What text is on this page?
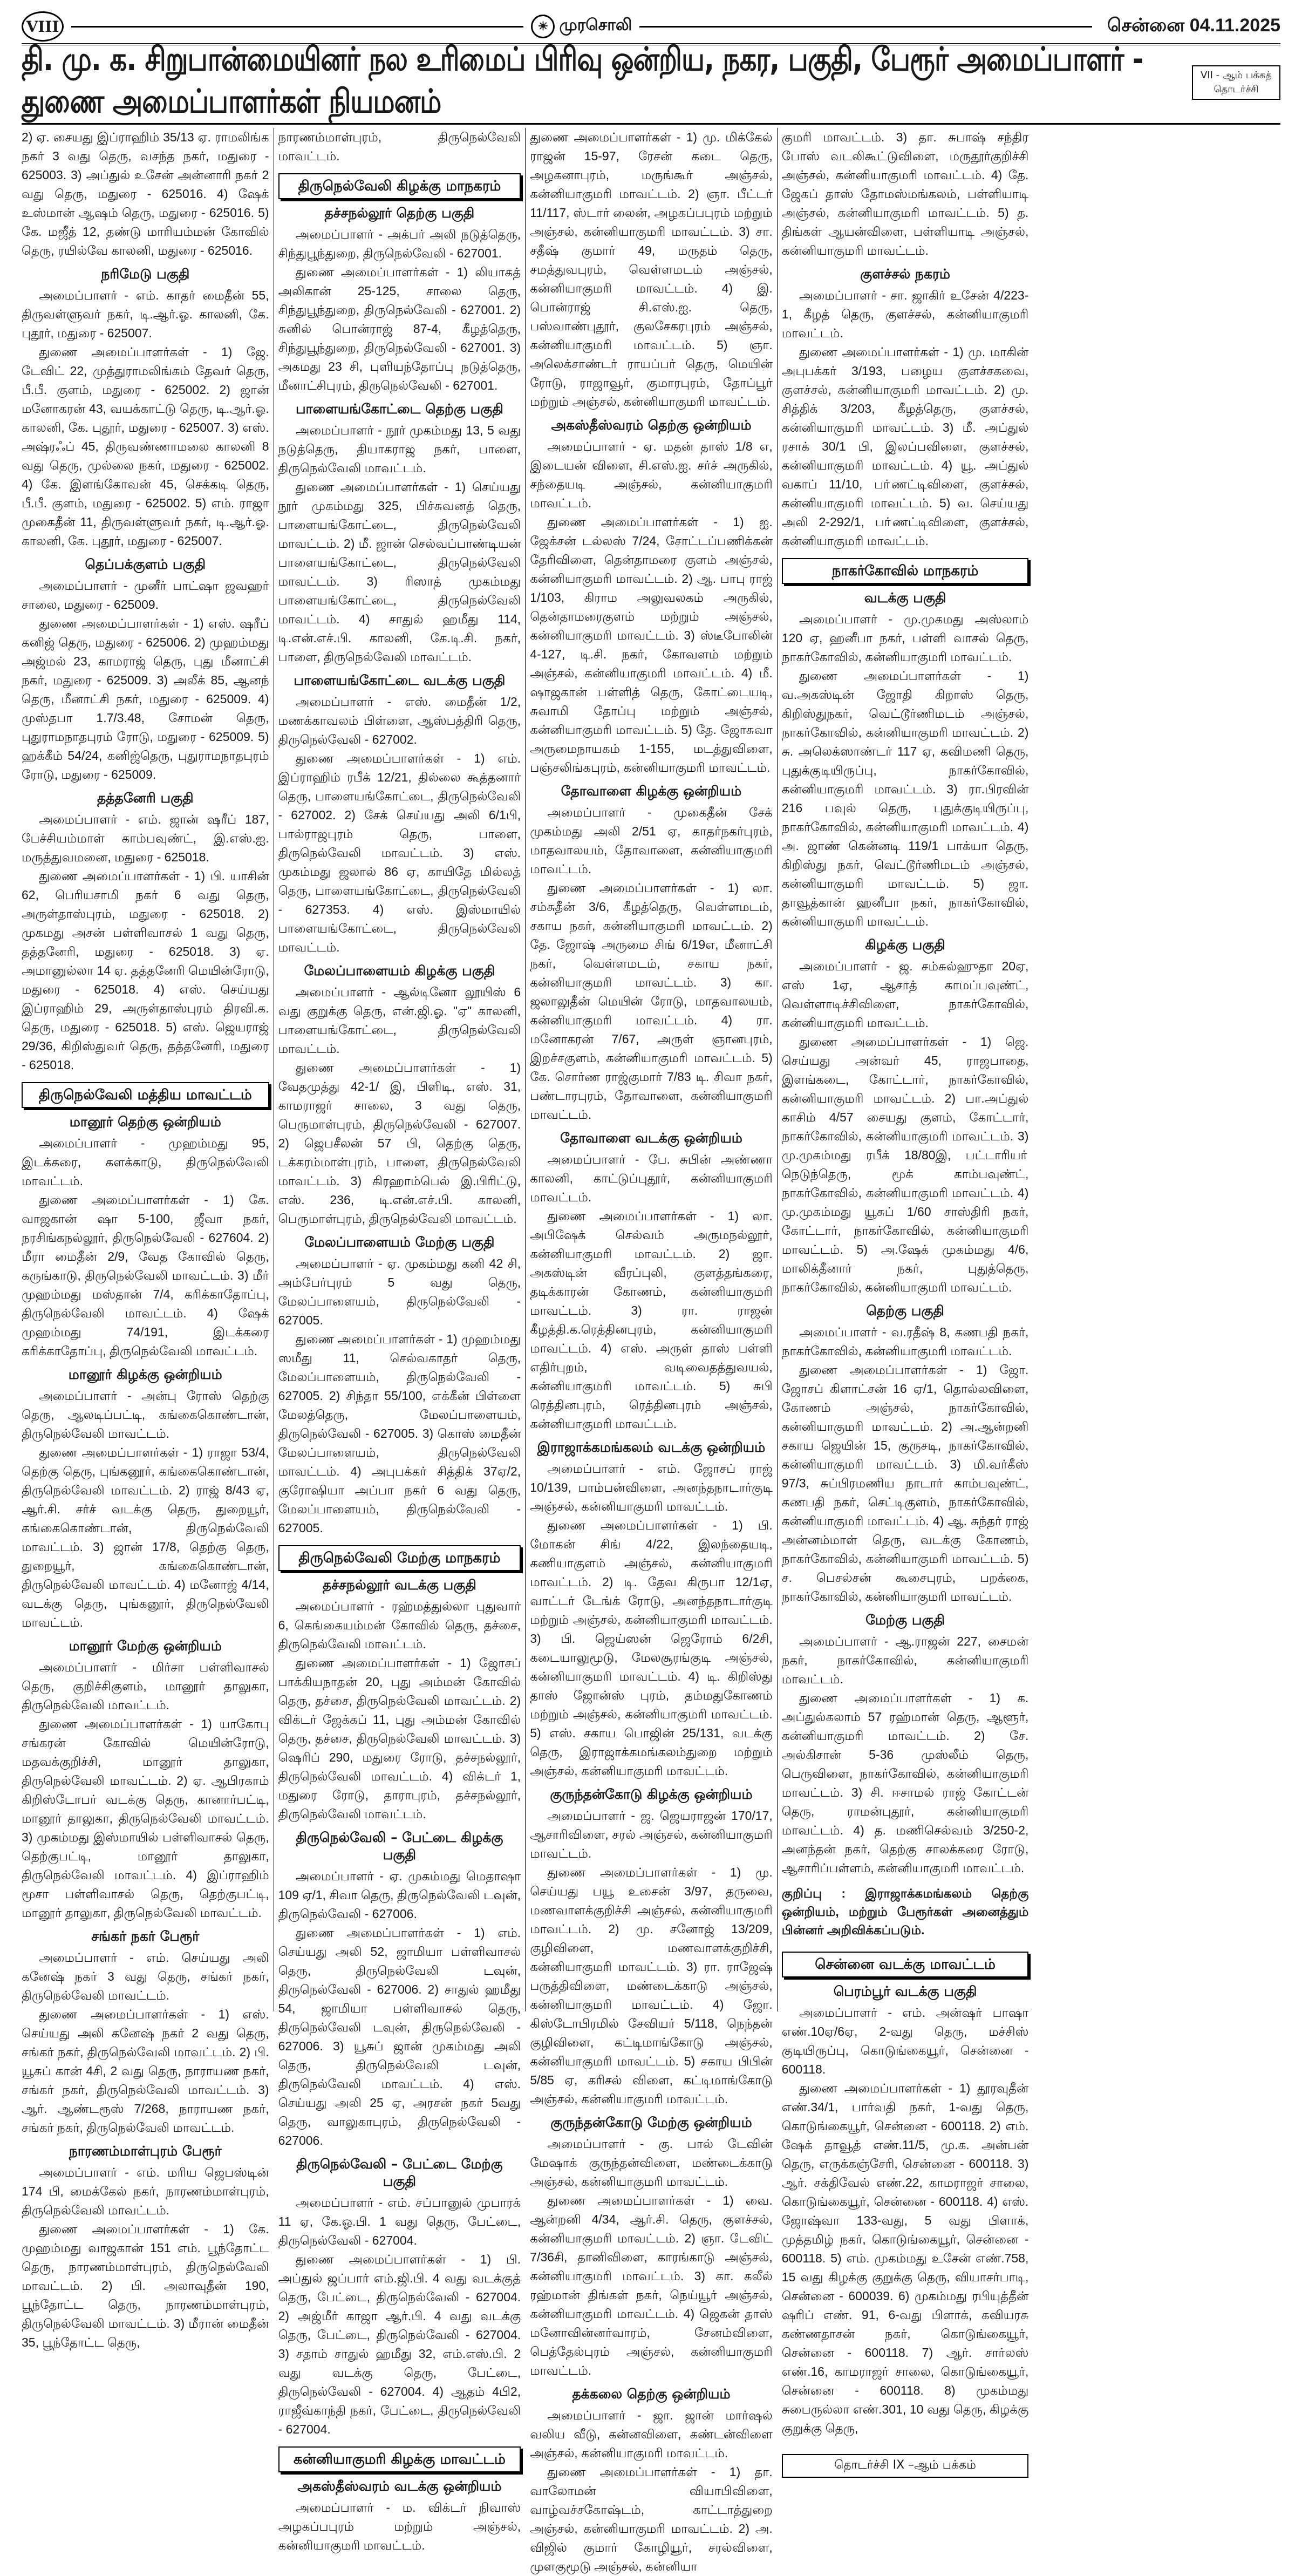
VIII	☀ முரசொலி	சென்னை 04.11.2025
தி. மு. க. சிறுபான்மையினர் நல உரிமைப் பிரிவு ஒன்றிய, நகர, பகுதி, பேரூர் அமைப்பாளர் - துணை அமைப்பாளர்கள் நியமனம்
VII - ஆம் பக்கத் தொடர்ச்சி

2) ஏ. சையது இப்ராஹிம் 35/13 ஏ. ராமலிங்க நகர் 3 வது தெரு, வசந்த நகர், மதுரை - 625003. 3) அப்துல் உசேன் அன்னாரி நகர் 2 வது தெரு, மதுரை - 625016. 4) ஷேக் உஸ்மான் ஆஷம் தெரு, மதுரை - 625016. 5) கே. மஜீத் 12, தண்டு மாரியம்மன் கோவில் தெரு, ரயில்வே காலனி, மதுரை - 625016.

நரிமேடு பகுதி

அமைப்பாளர் - எம். காதர் மைதீன் 55, திருவள்ளுவர் நகர், டி.ஆர்.ஓ. காலனி, கே. புதூர், மதுரை - 625007.

துணை அமைப்பாளர்கள் - 1) ஜே. டேவிட் 22, முத்துராமலிங்கம் தேவர் தெரு, பீ.பீ. குளம், மதுரை - 625002. 2) ஜான் மனோகரன் 43, வயக்காட்டு தெரு, டி.ஆர்.ஓ. காலனி, கே. புதூர், மதுரை - 625007. 3) எஸ். அஷ்ரஃப் 45, திருவண்ணாமலை காலனி 8 வது தெரு, முல்லை நகர், மதுரை - 625002. 4) கே. இளங்கோவன் 45, செக்கடி தெரு, பீ.பீ. குளம், மதுரை - 625002. 5) எம். ராஜா முகைதீன் 11, திருவள்ளுவர் நகர், டி.ஆர்.ஓ. காலனி, கே. புதூர், மதுரை - 625007.

தெப்பக்குளம் பகுதி

அமைப்பாளர் - முனீர் பாட்ஷா ஜவஹர் சாலை, மதுரை - 625009.

துணை அமைப்பாளர்கள் - 1) எஸ். ஷரீப் கனிஜ் தெரு, மதுரை - 625006. 2) முஹம்மது அஜ்மல் 23, காமராஜ் தெரு, புது மீனாட்சி நகர், மதுரை - 625009. 3) அலீக் 85, ஆனந் தெரு, மீனாட்சி நகர், மதுரை - 625009. 4) முஸ்தபா 1.7/3.48, சோமன் தெரு, புதுராமநாதபுரம் ரோடு, மதுரை - 625009. 5) ஹக்கீம் 54/24, கனிஜ்தெரு, புதுராமநாதபுரம் ரோடு, மதுரை - 625009.

தத்தனேரி பகுதி

அமைப்பாளர் - எம். ஜான் ஷரீப் 187, பேச்சியம்மாள் காம்பவுண்ட், இ.எஸ்.ஐ. மருத்துவமனை, மதுரை - 625018.

துணை அமைப்பாளர்கள் - 1) பி. யாசின் 62, பெரியசாமி நகர் 6 வது தெரு, அருள்தாஸ்புரம், மதுரை - 625018. 2) முகமது அசன் பள்ளிவாசல் 1 வது தெரு, தத்தனேரி, மதுரை - 625018. 3) ஏ. அமானுல்லா 14 ஏ. தத்தனேரி மெயின்ரோடு, மதுரை - 625018. 4) எஸ். செய்யது இப்ராஹிம் 29, அருள்தாஸ்புரம் திரவி.க. தெரு, மதுரை - 625018. 5) எஸ். ஜெயராஜ் 29/36, கிறிஸ்துவர் தெரு, தத்தனேரி, மதுரை - 625018.

திருநெல்வேலி மத்திய மாவட்டம்
மானூர் தெற்கு ஒன்றியம்

அமைப்பாளர் - முஹம்மது 95, இடக்கரை, களக்காடு, திருநெல்வேலி மாவட்டம்.

துணை அமைப்பாளர்கள் - 1) கே. வாஜகான் ஷா 5-100, ஜீவா நகர், நரசிங்கநல்லூர், திருநெல்வேலி - 627604. 2) மீரா மைதீன் 2/9, வேத கோவில் தெரு, கருங்காடு, திருநெல்வேலி மாவட்டம். 3) மீர் முஹம்மது மஸ்தான் 7/4, கரிக்காதோப்பு, திருநெல்வேலி மாவட்டம். 4) ஷேக் முஹம்மது 74/191, இடக்கரை கரிக்காதோப்பு, திருநெல்வேலி மாவட்டம்.

மானூர் கிழக்கு ஒன்றியம்

அமைப்பாளர் - அன்பு ரோஸ் தெற்கு தெரு, ஆலடிப்பட்டி, கங்கைகொண்டான், திருநெல்வேலி மாவட்டம்.

துணை அமைப்பாளர்கள் - 1) ராஜா 53/4, தெற்கு தெரு, புங்கனூர், கங்கைகொண்டான், திருநெல்வேலி மாவட்டம். 2) ராஜ் 8/43 ஏ, ஆர்.சி. சர்ச் வடக்கு தெரு, துறையூர், கங்கைகொண்டான், திருநெல்வேலி மாவட்டம். 3) ஜான் 17/8, தெற்கு தெரு, துறையூர், கங்கைகொண்டான், திருநெல்வேலி மாவட்டம். 4) மனோஜ் 4/14, வடக்கு தெரு, புங்கனூர், திருநெல்வேலி மாவட்டம்.

மானூர் மேற்கு ஒன்றியம்

அமைப்பாளர் - மிர்சா பள்ளிவாசல் தெரு, குறிச்சிகுளம், மானூர் தாலுகா, திருநெல்வேலி மாவட்டம்.

துணை அமைப்பாளர்கள் - 1) யாகோபு சங்கரன் கோவில் மெயின்ரோடு, மதவக்குறிச்சி, மானூர் தாலுகா, திருநெல்வேலி மாவட்டம். 2) ஏ. ஆபிரகாம் கிறிஸ்டோபர் வடக்கு தெரு, கானார்பட்டி, மானூர் தாலுகா, திருநெல்வேலி மாவட்டம். 3) முகம்மது இஸ்மாயில் பள்ளிவாசல் தெரு, தெற்குபட்டி, மானூர் தாலுகா, திருநெல்வேலி மாவட்டம். 4) இப்ராஹிம் மூசா பள்ளிவாசல் தெரு, தெற்குபட்டி, மானூர் தாலுகா, திருநெல்வேலி மாவட்டம்.

சங்கர் நகர் பேரூர்

அமைப்பாளர் - எம். செய்யது அலி கனேஷ் நகர் 3 வது தெரு, சங்கர் நகர், திருநெல்வேலி மாவட்டம்.

துணை அமைப்பாளர்கள் - 1) எஸ். செய்யது அலி கனேஷ் நகர் 2 வது தெரு, சங்கர் நகர், திருநெல்வேலி மாவட்டம். 2) பி. யூசுப் கான் 4சி, 2 வது தெரு, நாராயண நகர், சங்கர் நகர், திருநெல்வேலி மாவட்டம். 3) ஆர். ஆண்டரூஸ் 7/268, நாராயண நகர், சங்கர் நகர், திருநெல்வேலி மாவட்டம்.

நாரணம்மாள்புரம் பேரூர்

அமைப்பாளர் - எம். மரிய ஜெபஸ்டின் 174 பி, மைக்கேல் நகர், நாரணம்மாள்புரம், திருநெல்வேலி மாவட்டம்.

துணை அமைப்பாளர்கள் - 1) கே. முஹம்மது வாஜகான் 151 எம். பூந்தோட்ட தெரு, நாரணம்மாள்புரம், திருநெல்வேலி மாவட்டம். 2) பி. அலாவுதீன் 190, பூந்தோட்ட தெரு, நாரணம்மாள்புரம், திருநெல்வேலி மாவட்டம். 3) மீரான் மைதீன் 35, பூந்தோட்ட தெரு,

நாரணம்மாள்புரம், திருநெல்வேலி மாவட்டம்.

திருநெல்வேலி கிழக்கு மாநகரம்
தச்சநல்லூர் தெற்கு பகுதி

அமைப்பாளர் - அக்பர் அலி நடுத்தெரு, சிந்துபூந்துறை, திருநெல்வேலி - 627001.

துணை அமைப்பாளர்கள் - 1) லியாகத் அலிகான் 25-125, சாலை தெரு, சிந்துபூந்துறை, திருநெல்வேலி - 627001. 2) சுனில் பொன்ராஜ் 87-4, கீழத்தெரு, சிந்துபூந்துறை, திருநெல்வேலி - 627001. 3) அகமது 23 சி, புளியந்தோப்பு நடுத்தெரு, மீனாட்சிபுரம், திருநெல்வேலி - 627001.

பாளையங்கோட்டை தெற்கு பகுதி

அமைப்பாளர் - நூர் முகம்மது 13, 5 வது நடுத்தெரு, தியாகராஜ நகர், பாளை, திருநெல்வேலி மாவட்டம்.

துணை அமைப்பாளர்கள் - 1) செய்யது நூர் முகம்மது 325, பிச்சுவனத் தெரு, பாளையங்கோட்டை, திருநெல்வேலி மாவட்டம். 2) மீ. ஜான் செல்வப்பாண்டியன் பாளையங்கோட்டை, திருநெல்வேலி மாவட்டம். 3) ரிஸாத் முகம்மது பாளையங்கோட்டை, திருநெல்வேலி மாவட்டம். 4) சாதுல் ஹமீது 114, டி.என்.எச்.பி. காலனி, கே.டி.சி. நகர், பாளை, திருநெல்வேலி மாவட்டம்.

பாளையங்கோட்டை வடக்கு பகுதி

அமைப்பாளர் - எஸ். மைதீன் 1/2, மணக்காவலம் பிள்ளை, ஆஸ்பத்திரி தெரு, திருநெல்வேலி - 627002.

துணை அமைப்பாளர்கள் - 1) எம். இப்ராஹிம் ரபீக் 12/21, தில்லை கூத்தனார் தெரு, பாளையங்கோட்டை, திருநெல்வேலி - 627002. 2) சேக் செய்யது அலி 6/1பி, பால்ராஜபுரம் தெரு, பாளை, திருநெல்வேலி மாவட்டம். 3) எஸ். முகம்மது ஜலால் 86 ஏ, காயிதே மில்லத் தெரு, பாளையங்கோட்டை, திருநெல்வேலி - 627353. 4) எஸ். இஸ்மாயில் பாளையங்கோட்டை, திருநெல்வேலி மாவட்டம்.

மேலப்பாளையம் கிழக்கு பகுதி

அமைப்பாளர் - ஆல்டினோ லூயிஸ் 6 வது குறுக்கு தெரு, என்.ஜி.ஓ. "ஏ" காலனி, பாளையங்கோட்டை, திருநெல்வேலி மாவட்டம்.

துணை அமைப்பாளர்கள் - 1) வேதமுத்து 42-1/ இ, பிளிடி, எஸ். 31, காமராஜர் சாலை, 3 வது தெரு, பெருமாள்புரம், திருநெல்வேலி - 627007. 2) ஜெபசீலன் 57 பி, தெற்கு தெரு, டக்கரம்மாள்புரம், பாளை, திருநெல்வேலி மாவட்டம். 3) கிரஹாம்பெல் இ.பிரிட்டு, எஸ். 236, டி.என்.எச்.பி. காலனி, பெருமாள்புரம், திருநெல்வேலி மாவட்டம்.

மேலப்பாளையம் மேற்கு பகுதி

அமைப்பாளர் - ஏ. முகம்மது கனி 42 சி, அம்பேர்புரம் 5 வது தெரு, மேலப்பாளையம், திருநெல்வேலி - 627005.

துணை அமைப்பாளர்கள் - 1) முஹம்மது ஸமீது 11, செல்வகாதர் தெரு, மேலப்பாளையம், திருநெல்வேலி - 627005. 2) சிந்தா 55/100, எக்கீன் பிள்ளை மேலத்தெரு, மேலப்பாளையம், திருநெல்வேலி - 627005. 3) கொஸ் மைதீன் மேலப்பாளையம், திருநெல்வேலி மாவட்டம். 4) அபுபக்கர் சித்திக் 37ஏ/2, குரோஷியா அப்பா நகர் 6 வது தெரு, மேலப்பாளையம், திருநெல்வேலி - 627005.

திருநெல்வேலி மேற்கு மாநகரம்
தச்சநல்லூர் வடக்கு பகுதி

அமைப்பாளர் - ரஹ்மத்துல்லா புதுவார் 6, கெங்கையம்மன் கோவில் தெரு, தச்சை, திருநெல்வேலி மாவட்டம்.

துணை அமைப்பாளர்கள் - 1) ஜோசப் பாக்கியநாதன் 20, புது அம்மன் கோவில் தெரு, தச்சை, திருநெல்வேலி மாவட்டம். 2) விக்டர் ஜேக்கப் 11, புது அம்மன் கோவில் தெரு, தச்சை, திருநெல்வேலி மாவட்டம். 3) ஷெரிப் 290, மதுரை ரோடு, தச்சநல்லூர், திருநெல்வேலி மாவட்டம். 4) விக்டர் 1, மதுரை ரோடு, தாராபுரம், தச்சநல்லூர், திருநெல்வேலி மாவட்டம்.

திருநெல்வேலி – பேட்டை கிழக்கு பகுதி

அமைப்பாளர் - ஏ. முகம்மது மெதாஷா 109 ஏ/1, சிவா தெரு, திருநெல்வேலி டவுன், திருநெல்வேலி - 627006.

துணை அமைப்பாளர்கள் - 1) எம். செய்யது அலி 52, ஜாமியா பள்ளிவாசல் தெரு, திருநெல்வேலி டவுன், திருநெல்வேலி - 627006. 2) சாதுல் ஹமீது 54, ஜாமியா பள்ளிவாசல் தெரு, திருநெல்வேலி டவுன், திருநெல்வேலி - 627006. 3) யூசுப் ஜான் முகம்மது அலி தெரு, திருநெல்வேலி டவுன், திருநெல்வேலி மாவட்டம். 4) எஸ். செய்யது அலி 25 ஏ, அரசன் நகர் 5வது தெரு, வாலுகாபுரம், திருநெல்வேலி - 627006.

திருநெல்வேலி – பேட்டை மேற்கு பகுதி

அமைப்பாளர் - எம். சப்பானுல் முபாரக் 11 ஏ, கே.ஓ.பி. 1 வது தெரு, பேட்டை, திருநெல்வேலி - 627004.

துணை அமைப்பாளர்கள் - 1) பி. அப்துல் ஜப்பார் எம்.ஜி.பி. 4 வது வடக்குத் தெரு, பேட்டை, திருநெல்வேலி - 627004. 2) அஜ்மீர் காஜா ஆர்.பி. 4 வது வடக்கு தெரு, பேட்டை, திருநெல்வேலி - 627004. 3) சதாம் சாதுல் ஹமீது 32, எம்.எஸ்.பி. 2 வது வடக்கு தெரு, பேட்டை, திருநெல்வேலி - 627004. 4) ஆதம் 4பி2, ராஜீவ்காந்தி நகர், பேட்டை, திருநெல்வேலி - 627004.

கன்னியாகுமரி கிழக்கு மாவட்டம்
அகஸ்தீஸ்வரம் வடக்கு ஒன்றியம்

அமைப்பாளர் - ம. விக்டர் நிவாஸ் அழகப்பபுரம் மற்றும் அஞ்சல், கன்னியாகுமரி மாவட்டம்.

துணை அமைப்பாளர்கள் - 1) மு. மிக்கேல் ராஜன் 15-97, ரேசன் கடை தெரு, அழகனாபுரம், மருங்கூர் அஞ்சல், கன்னியாகுமரி மாவட்டம். 2) ஞா. பீட்டர் 11/117, ஸ்டார் லைன், அழகப்பபுரம் மற்றும் அஞ்சல், கன்னியாகுமரி மாவட்டம். 3) சா. சதீஷ் குமார் 49, மருதம் தெரு, சமத்துவபுரம், வெள்ளமடம் அஞ்சல், கன்னியாகுமரி மாவட்டம். 4) இ. பொன்ராஜ் சி.எஸ்.ஐ. தெரு, பஸ்வாண்புதூர், குலசேகரபுரம் அஞ்சல், கன்னியாகுமரி மாவட்டம். 5) ஞா. அலெக்சாண்டர் ராயப்பர் தெரு, மெயின் ரோடு, ராஜாவூர், குமாரபுரம், தோப்பூர் மற்றும் அஞ்சல், கன்னியாகுமரி மாவட்டம்.

அகஸ்தீஸ்வரம் தெற்கு ஒன்றியம்

அமைப்பாளர் - ஏ. மதன் தாஸ் 1/8 எ, இடையன் விளை, சி.எஸ்.ஐ. சர்ச் அருகில், சந்தையடி அஞ்சல், கன்னியாகுமரி மாவட்டம்.

துணை அமைப்பாளர்கள் - 1) ஐ. ஜேக்சன் டல்லஸ் 7/24, சோட்டப்பணிக்கன் தேரிவிளை, தென்தாமரை குளம் அஞ்சல், கன்னியாகுமரி மாவட்டம். 2) ஆ. பாபு ராஜ் 1/103, கிராம அலுவலகம் அருகில், தென்தாமரைகுளம் மற்றும் அஞ்சல், கன்னியாகுமரி மாவட்டம். 3) ஸ்டீபோலின் 4-127, டி.சி. நகர், கோவளம் மற்றும் அஞ்சல், கன்னியாகுமரி மாவட்டம். 4) மீ. ஷாஜகான் பள்ளித் தெரு, கோட்டையடி, சுவாமி தோப்பு மற்றும் அஞ்சல், கன்னியாகுமரி மாவட்டம். 5) தே. ஜோசுவா அருமைநாயகம் 1-155, மடத்துவிளை, பஞ்சலிங்கபுரம், கன்னியாகுமரி மாவட்டம்.

தோவாளை கிழக்கு ஒன்றியம்

அமைப்பாளர் - முகைதீன் சேக் முகம்மது அலி 2/51 ஏ, காதர்நகர்புரம், மாதவாலயம், தோவாளை, கன்னியாகுமரி மாவட்டம்.

துணை அமைப்பாளர்கள் - 1) லா. சம்சுதீன் 3/6, கீழத்தெரு, வெள்ளமடம், சகாய நகர், கன்னியாகுமரி மாவட்டம். 2) தே. ஜோஷ் அருமை சிங் 6/19எ, மீனாட்சி நகர், வெள்ளமடம், சகாய நகர், கன்னியாகுமரி மாவட்டம். 3) கா. ஜலாலுதீன் மெயின் ரோடு, மாதவாலயம், கன்னியாகுமரி மாவட்டம். 4) ரா. மனோகரன் 7/67, அருள் ஞானபுரம், இறச்சகுளம், கன்னியாகுமரி மாவட்டம். 5) கே. சொர்ண ராஜ்குமார் 7/83 டி. சிவா நகர், பண்டாரபுரம், தோவாளை, கன்னியாகுமரி மாவட்டம்.

தோவாளை வடக்கு ஒன்றியம்

அமைப்பாளர் - பே. சுபின் அண்ணா காலனி, காட்டுப்புதூர், கன்னியாகுமரி மாவட்டம்.

துணை அமைப்பாளர்கள் - 1) லா. அபிஷேக் செல்வம் அருமநல்லூர், கன்னியாகுமரி மாவட்டம். 2) ஜா. அகஸ்டின் வீரப்புலி, குளத்தங்கரை, தடிக்காரன் கோணம், கன்னியாகுமரி மாவட்டம். 3) ரா. ராஜன் கீழத்தி.க.ரெத்தினபுரம், கன்னியாகுமரி மாவட்டம். 4) எஸ். அருள் தாஸ் பள்ளி எதிர்புறம், வடிவைதத்துவயல், கன்னியாகுமரி மாவட்டம். 5) சுபி ரெத்தினபுரம், ரெத்தினபுரம் அஞ்சல், கன்னியாகுமரி மாவட்டம்.

இராஜாக்கமங்கலம் வடக்கு ஒன்றியம்

அமைப்பாளர் - எம். ஜோசப் ராஜ் 10/139, பாம்பன்விளை, அனந்தநாடார்குடி அஞ்சல், கன்னியாகுமரி மாவட்டம்.

துணை அமைப்பாளர்கள் - 1) பி. மோகன் சிங் 4/22, இலந்தையடி, கணியாகுளம் அஞ்சல், கன்னியாகுமரி மாவட்டம். 2) டி. தேவ கிருபா 12/1ஏ, வாட்டர் டேங்க் ரோடு, அனந்தநாடார்குடி மற்றும் அஞ்சல், கன்னியாகுமரி மாவட்டம். 3) பி. ஜெய்ஸன் ஜெரோம் 6/2சி, கடையாலுமூடு, மேலசூரங்குடி அஞ்சல், கன்னியாகுமரி மாவட்டம். 4) டி. கிறிஸ்து தாஸ் ஜோன்ஸ் புரம், தம்மதுகோணம் மற்றும் அஞ்சல், கன்னியாகுமரி மாவட்டம். 5) எஸ். சகாய பொஜின் 25/131, வடக்கு தெரு, இராஜாக்கமங்கலம்துறை மற்றும் அஞ்சல், கன்னியாகுமரி மாவட்டம்.

குருந்தன்கோடு கிழக்கு ஒன்றியம்

அமைப்பாளர் - ஜ. ஜெயராஜன் 170/17, ஆசாரிவிளை, சரல் அஞ்சல், கன்னியாகுமரி மாவட்டம்.

துணை அமைப்பாளர்கள் - 1) மு. செய்யது பயூ உசைன் 3/97, தருவை, மணவாளக்குறிச்சி அஞ்சல், கன்னியாகுமரி மாவட்டம். 2) மு. சனோஜ் 13/209, குழிவிளை, மணவாளக்குறிச்சி, கன்னியாகுமரி மாவட்டம். 3) ரா. ராஜேஷ் பருத்திவிளை, மண்டைக்காடு அஞ்சல், கன்னியாகுமரி மாவட்டம். 4) ஜோ. கிஸ்டோபிரமில் சேவியர் 5/118, நெந்தன் குழிவிளை, கட்டிமாங்கோடு அஞ்சல், கன்னியாகுமரி மாவட்டம். 5) சகாய பிபின் 5/85 ஏ, கரிசல் விளை, கட்டிமாங்கோடு அஞ்சல், கன்னியாகுமரி மாவட்டம்.

குருந்தன்கோடு மேற்கு ஒன்றியம்

அமைப்பாளர் - கு. பால் டேவின் மேஷாக் குருந்தன்விளை, மண்டைக்காடு அஞ்சல், கன்னியாகுமரி மாவட்டம்.

துணை அமைப்பாளர்கள் - 1) வை. ஆன்றனி 4/34, ஆர்.சி. தெரு, குளச்சல், கன்னியாகுமரி மாவட்டம். 2) ஞா. டேவிட் 7/36சி, தானிவிளை, காரங்காடு அஞ்சல், கன்னியாகுமரி மாவட்டம். 3) கா. கலீல் ரஹ்மான் திங்கள் நகர், நெய்யூர் அஞ்சல், கன்னியாகுமரி மாவட்டம். 4) ஜெகன் தாஸ் மனோவின்னர்வாரம், சேனம்விளை, பெத்தேல்புரம் அஞ்சல், கன்னியாகுமரி மாவட்டம்.

தக்கலை தெற்கு ஒன்றியம்

அமைப்பாளர் - ஜா. ஜான் மார்ஷல் வலிய வீடு, கன்னவிளை, கண்டன்விளை அஞ்சல், கன்னியாகுமரி மாவட்டம்.

துணை அமைப்பாளர்கள் - 1) தா. வாலோமன் வியாபிவிளை, வாழ்வச்சகோஷ்டம், காட்டாத்துறை அஞ்சல், கன்னியாகுமரி மாவட்டம். 2) அ. விஜில் குமார் கோழியூர், சரல்விளை, முளகுமூடு அஞ்சல், கன்னியா

குமரி மாவட்டம். 3) தா. சுபாஷ் சந்திர போஸ் வடலிகூட்டுவிளை, மருதூர்குறிச்சி அஞ்சல், கன்னியாகுமரி மாவட்டம். 4) தே. ஜேகப் தாஸ் தோமஸ்மங்கலம், பள்ளியாடி அஞ்சல், கன்னியாகுமரி மாவட்டம். 5) த. திங்கள் ஆயன்விளை, பள்ளியாடி அஞ்சல், கன்னியாகுமரி மாவட்டம்.

குளச்சல் நகரம்

அமைப்பாளர் - சா. ஜாகிர் உசேன் 4/223-1, கீழத் தெரு, குளச்சல், கன்னியாகுமரி மாவட்டம்.

துணை அமைப்பாளர்கள் - 1) மு. மாகின் அபுபக்கர் 3/193, பழைய குளச்சகவை, குளச்சல், கன்னியாகுமரி மாவட்டம். 2) மு. சித்திக் 3/203, கீழத்தெரு, குளச்சல், கன்னியாகுமரி மாவட்டம். 3) மீ. அப்துல் ரசாக் 30/1 பி, இலப்பவிளை, குளச்சல், கன்னியாகுமரி மாவட்டம். 4) யூ. அப்துல் வகாப் 11/10, பா்ணட்டிவிளை, குளச்சல், கன்னியாகுமரி மாவட்டம். 5) வ. செய்யது அலி 2-292/1, பா்ணட்டிவிளை, குளச்சல், கன்னியாகுமரி மாவட்டம்.

நாகர்கோவில் மாநகரம்
வடக்கு பகுதி

அமைப்பாளர் - மு.முகமது அஸ்லாம் 120 ஏ, ஹனீபா நகர், பள்ளி வாசல் தெரு, நாகர்கோவில், கன்னியாகுமரி மாவட்டம்.

துணை அமைப்பாளர்கள் - 1) வ.அகஸ்டின் ஜோதி கிறாஸ் தெரு, கிறிஸ்துநகர், வெட்டூர்ணிமடம் அஞ்சல், நாகர்கோவில், கன்னியாகுமரி மாவட்டம். 2) சு. அலெக்ஸாண்டர் 117 ஏ, கவிமணி தெரு, புதுக்குடியிருப்பு, நாகர்கோவில், கன்னியாகுமரி மாவட்டம். 3) ரா.பிரவின் 216 பவுல் தெரு, புதுக்குடியிருப்பு, நாகர்கோவில், கன்னியாகுமரி மாவட்டம். 4) அ. ஜாண் கென்னடி 119/1 பாக்யா தெரு, கிறிஸ்து நகர், வெட்டூர்ணிமடம் அஞ்சல், கன்னியாகுமரி மாவட்டம். 5) ஜா. தாவூத்கான் ஹனீபா நகர், நாகர்கோவில், கன்னியாகுமரி மாவட்டம்.

கிழக்கு பகுதி

அமைப்பாளர் - ஜ. சம்சுல்ஹுதா 20ஏ, எஸ் 1ஏ, ஆசாத் காமப்பவுண்ட், வெள்ளாடிச்சிவிளை, நாகர்கோவில், கன்னியாகுமரி மாவட்டம்.

துணை அமைப்பாளர்கள் - 1) ஜெ. செய்யது அன்வர் 45, ராஜபாதை, இளங்கடை, கோட்டார், நாகர்கோவில், கன்னியாகுமரி மாவட்டம். 2) பா.அப்துல் காசிம் 4/57 சையது குளம், கோட்டார், நாகர்கோவில், கன்னியாகுமரி மாவட்டம். 3) மு.முகம்மது ரபீக் 18/80இ, பட்டாரியா் நெடுந்தெரு, மூக் காம்பவுண்ட், நாகர்கோவில், கன்னியாகுமரி மாவட்டம். 4) மு.முகம்மது யூசுப் 1/60 சாஸ்திரி நகர், கோட்டார், நாகர்கோவில், கன்னியாகுமரி மாவட்டம். 5) அ.ஷேக் முகம்மது 4/6, மாலிக்தீனார் நகர், புதுத்தெரு, நாகர்கோவில், கன்னியாகுமரி மாவட்டம்.

தெற்கு பகுதி

அமைப்பாளர் - வ.ரதீஷ் 8, கணபதி நகர், நாகர்கோவில், கன்னியாகுமரி மாவட்டம்.

துணை அமைப்பாளர்கள் - 1) ஜோ. ஜோசப் கிளாட்சன் 16 ஏ/1, தொல்லவிளை, கோணம் அஞ்சல், நாகர்கோவில், கன்னியாகுமரி மாவட்டம். 2) அ.ஆன்றனி சகாய ஜெயின் 15, குருசடி, நாகர்கோவில், கன்னியாகுமரி மாவட்டம். 3) மி.வர்கீஸ் 97/3, சுப்பிரமணிய நாடார் காம்பவுண்ட், கணபதி நகர், செட்டிகுளம், நாகர்கோவில், கன்னியாகுமரி மாவட்டம். 4) ஆ. சுந்தர் ராஜ் அன்னம்மாள் தெரு, வடக்கு கோணம், நாகர்கோவில், கன்னியாகுமரி மாவட்டம். 5) ச. பெசல்சன் கூசைபுரம், பறக்கை, நாகர்கோவில், கன்னியாகுமரி மாவட்டம்.

மேற்கு பகுதி

அமைப்பாளர் - ஆ.ராஜன் 227, சைமன் நகர், நாகர்கோவில், கன்னியாகுமரி மாவட்டம்.

துணை அமைப்பாளர்கள் - 1) க. அப்துல்கலாம் 57 ரஹ்மான் தெரு, ஆளூர், கன்னியாகுமரி மாவட்டம். 2) சே. அல்கிசான் 5-36 முஸ்லீம் தெரு, பெருவிளை, நாகர்கோவில், கன்னியாகுமரி மாவட்டம். 3) சி. ஈசாமல் ராஜ் கோட்டன் தெரு, ராமன்புதூர், கன்னியாகுமரி மாவட்டம். 4) த. மணிசெல்வம் 3/250-2, அனந்தன் நகர், தெற்கு சாலக்கரை ரோடு, ஆசாரிப்பள்ளம், கன்னியாகுமரி மாவட்டம்.

குறிப்பு : இராஜாக்கமங்கலம் தெற்கு ஒன்றியம், மற்றும் பேரூர்கள் அனைத்தும் பின்னர் அறிவிக்கப்படும்.

சென்னை வடக்கு மாவட்டம்
பெரம்பூர் வடக்கு பகுதி

அமைப்பாளர் - எம். அன்ஷர் பாஷா எண்.10ஏ/6ஏ, 2-வது தெரு, மச்சிஸ் குடியிருப்பு, கொடுங்கையூர், சென்னை - 600118.

துணை அமைப்பாளர்கள் - 1) தூரவுதீன் எண்.34/1, பார்வதி நகர், 1-வது தெரு, கொடுங்கையூர், சென்னை - 600118. 2) எம். ஷேக் தாவூத் எண்.11/5, மு.க. அன்பன் தெரு, எருக்கஞ்சேரி, சென்னை - 600118. 3) ஆர். சக்திவேல் எண்.22, காமராஜர் சாலை, கொடுங்கையூர், சென்னை - 600118. 4) எஸ். ஜோஷ்வா 133-வது, 5 வது பிளாக், முத்தமிழ் நகர், கொடுங்கையூர், சென்னை - 600118. 5) எம். முகம்மது உசேன் எண்.758, 15 வது கிழக்கு குறுக்கு தெரு, வியாசர்பாடி, சென்னை - 600039. 6) முகம்மது ரபியுத்தீன் ஷரிப் எண். 91, 6-வது பிளாக், கவியரசு கண்ணதாசன் நகர், கொடுங்கையூர், சென்னை - 600118. 7) ஆர். சார்லஸ் எண்.16, காமராஜர் சாலை, கொடுங்கையூர், சென்னை - 600118. 8) முகம்மது சுபைருல்லா எண்.301, 10 வது தெரு, கிழக்கு குறுக்கு தெரு,

தொடர்ச்சி IX –ஆம் பக்கம்
